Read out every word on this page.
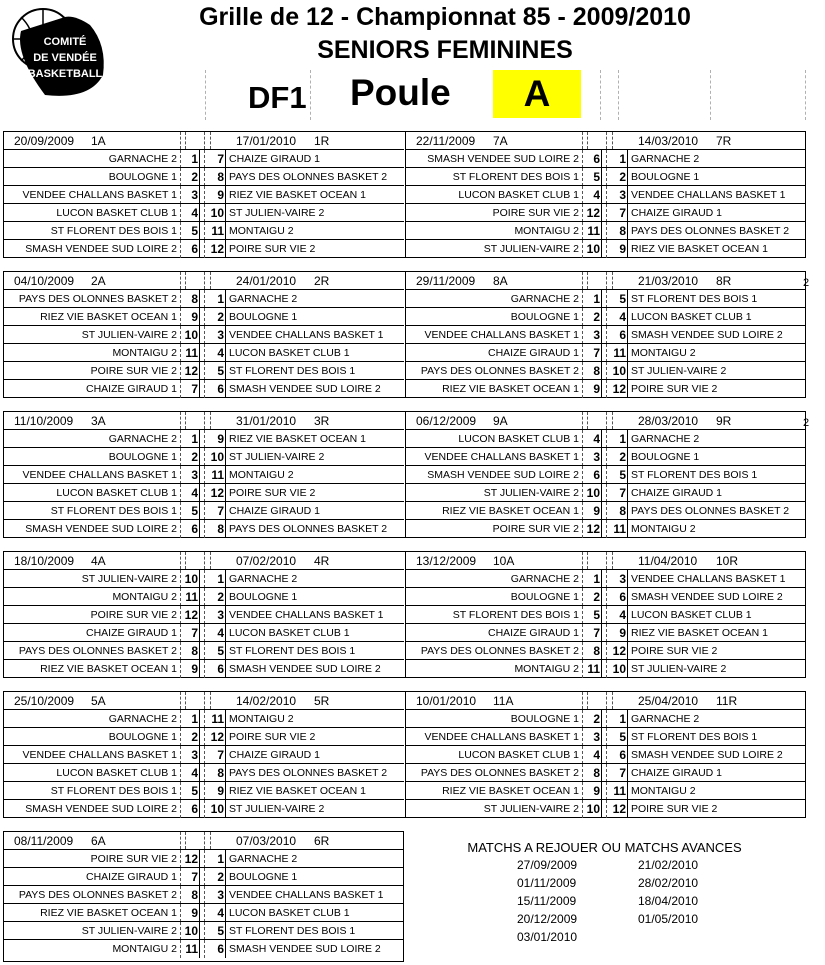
COMITÉ
DE VENDÉE
BASKETBALL
Grille de 12 - Championnat 85 - 2009/2010
SENIORS FEMININES
DF1 Poule	A
20/09/2009 1A	17/01/2010 1R
GARNACHE 2	1	7 CHAIZE GIRAUD 1
BOULOGNE 1	2	8 PAYS DES OLONNES BASKET 2
VENDEE CHALLANS BASKET 1	3	9 RIEZ VIE BASKET OCEAN 1
LUCON BASKET CLUB 1	4	10 ST JULIEN-VAIRE 2
ST FLORENT DES BOIS 1	5	11 MONTAIGU 2
SMASH VENDEE SUD LOIRE 2	6	12 POIRE SUR VIE 2
22/11/2009 7A	14/03/2010 7R
SMASH VENDEE SUD LOIRE 2	6	1 GARNACHE 2
ST FLORENT DES BOIS 1	5	2 BOULOGNE 1
LUCON BASKET CLUB 1	4	3 VENDEE CHALLANS BASKET 1
POIRE SUR VIE 2 12	7 CHAIZE GIRAUD 1
MONTAIGU 2 11	8 PAYS DES OLONNES BASKET 2
ST JULIEN-VAIRE 2 10	9 RIEZ VIE BASKET OCEAN 1
04/10/2009 2A	24/01/2010 2R
PAYS DES OLONNES BASKET 2	8	1 GARNACHE 2
RIEZ VIE BASKET OCEAN 1	9	2 BOULOGNE 1
ST JULIEN-VAIRE 2 10	3 VENDEE CHALLANS BASKET 1
MONTAIGU 2 11	4 LUCON BASKET CLUB 1
POIRE SUR VIE 2 12	5 ST FLORENT DES BOIS 1
CHAIZE GIRAUD 1	7	6 SMASH VENDEE SUD LOIRE 2
29/11/2009 8A	21/03/2010 8R
GARNACHE 2	1	5 ST FLORENT DES BOIS 1
BOULOGNE 1	2	4 LUCON BASKET CLUB 1
VENDEE CHALLANS BASKET 1	3	6 SMASH VENDEE SUD LOIRE 2
CHAIZE GIRAUD 1	7	11 MONTAIGU 2
PAYS DES OLONNES BASKET 2	8	10 ST JULIEN-VAIRE 2
RIEZ VIE BASKET OCEAN 1	9	12 POIRE SUR VIE 2
11/10/2009 3A	31/01/2010 3R
GARNACHE 2	1	9 RIEZ VIE BASKET OCEAN 1
BOULOGNE 1	2	10 ST JULIEN-VAIRE 2
VENDEE CHALLANS BASKET 1	3	11 MONTAIGU 2
LUCON BASKET CLUB 1	4	12 POIRE SUR VIE 2
ST FLORENT DES BOIS 1	5	7 CHAIZE GIRAUD 1
SMASH VENDEE SUD LOIRE 2	6	8 PAYS DES OLONNES BASKET 2
06/12/2009 9A	28/03/2010 9R
LUCON BASKET CLUB 1	4	1 GARNACHE 2
VENDEE CHALLANS BASKET 1	3	2 BOULOGNE 1
SMASH VENDEE SUD LOIRE 2	6	5 ST FLORENT DES BOIS 1
ST JULIEN-VAIRE 2 10	7 CHAIZE GIRAUD 1
RIEZ VIE BASKET OCEAN 1	9	8 PAYS DES OLONNES BASKET 2
POIRE SUR VIE 2 12	11 MONTAIGU 2
18/10/2009 4A	07/02/2010 4R
ST JULIEN-VAIRE 2 10	1 GARNACHE 2
MONTAIGU 2 11	2 BOULOGNE 1
POIRE SUR VIE 2 12	3 VENDEE CHALLANS BASKET 1
CHAIZE GIRAUD 1	7	4 LUCON BASKET CLUB 1
PAYS DES OLONNES BASKET 2	8	5 ST FLORENT DES BOIS 1
RIEZ VIE BASKET OCEAN 1	9	6 SMASH VENDEE SUD LOIRE 2
13/12/2009 10A	11/04/2010 10R
GARNACHE 2	1	3 VENDEE CHALLANS BASKET 1
BOULOGNE 1	2	6 SMASH VENDEE SUD LOIRE 2
ST FLORENT DES BOIS 1	5	4 LUCON BASKET CLUB 1
CHAIZE GIRAUD 1	7	9 RIEZ VIE BASKET OCEAN 1
PAYS DES OLONNES BASKET 2	8	12 POIRE SUR VIE 2
MONTAIGU 2 11	10 ST JULIEN-VAIRE 2
25/10/2009 5A	14/02/2010 5R
GARNACHE 2	1	11 MONTAIGU 2
BOULOGNE 1	2	12 POIRE SUR VIE 2
VENDEE CHALLANS BASKET 1	3	7 CHAIZE GIRAUD 1
LUCON BASKET CLUB 1	4	8 PAYS DES OLONNES BASKET 2
ST FLORENT DES BOIS 1	5	9 RIEZ VIE BASKET OCEAN 1
SMASH VENDEE SUD LOIRE 2	6	10 ST JULIEN-VAIRE 2
10/01/2010 11A	25/04/2010 11R
BOULOGNE 1	2	1 GARNACHE 2
VENDEE CHALLANS BASKET 1	3	5 ST FLORENT DES BOIS 1
LUCON BASKET CLUB 1	4	6 SMASH VENDEE SUD LOIRE 2
PAYS DES OLONNES BASKET 2	8	7 CHAIZE GIRAUD 1
RIEZ VIE BASKET OCEAN 1	9	11 MONTAIGU 2
ST JULIEN-VAIRE 2 10	12 POIRE SUR VIE 2
08/11/2009 6A	07/03/2010 6R
POIRE SUR VIE 2 12	1 GARNACHE 2
CHAIZE GIRAUD 1	7	2 BOULOGNE 1
PAYS DES OLONNES BASKET 2	8	3 VENDEE CHALLANS BASKET 1
RIEZ VIE BASKET OCEAN 1	9	4 LUCON BASKET CLUB 1
ST JULIEN-VAIRE 2 10	5 ST FLORENT DES BOIS 1
MONTAIGU 2 11	6 SMASH VENDEE SUD LOIRE 2
MATCHS A REJOUER OU MATCHS AVANCES
27/09/2009
01/11/2009
15/11/2009
20/12/2009
03/01/2010
21/02/2010
28/02/2010
18/04/2010
01/05/2010
2
2
